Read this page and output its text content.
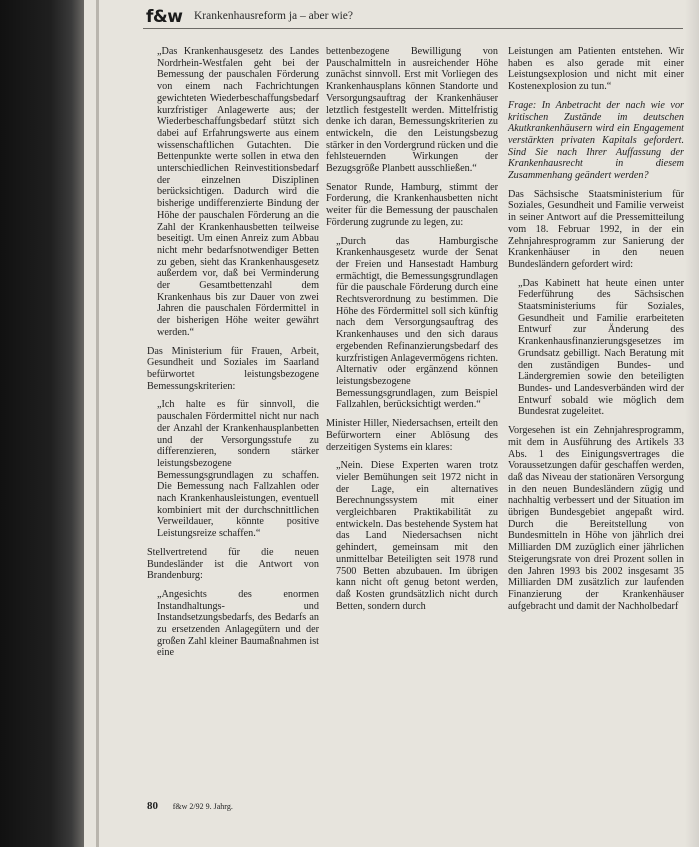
f&w Krankenhausreform ja – aber wie?

„Das Krankenhausgesetz des Landes Nordrhein-Westfalen geht bei der Bemessung der pauschalen Förderung von einem nach Fachrichtungen gewichteten Wiederbeschaffungsbedarf kurzfristiger Anlagewerte aus; der Wiederbeschaffungsbedarf stützt sich dabei auf Erfahrungswerte aus einem wissenschaftlichen Gutachten. Die Bettenpunkte werte sollen in etwa den unterschiedlichen Reinvestitionsbedarf der einzelnen Disziplinen berücksichtigen. Dadurch wird die bisherige undifferenzierte Bindung der Höhe der pauschalen Förderung an die Zahl der Krankenhausbetten teilweise beseitigt. Um einen Anreiz zum Abbau nicht mehr bedarfsnotwendiger Betten zu geben, sieht das Krankenhausgesetz außerdem vor, daß bei Verminderung der Gesamtbettenzahl dem Krankenhaus bis zur Dauer von zwei Jahren die pauschalen Fördermittel in der bisherigen Höhe weiter gewährt werden.“

Das Ministerium für Frauen, Arbeit, Gesundheit und Soziales im Saarland befürwortet leistungsbezogene Bemessungskriterien:

„Ich halte es für sinnvoll, die pauschalen Fördermittel nicht nur nach der Anzahl der Krankenhausplanbetten und der Versorgungsstufe zu differenzieren, sondern stärker leistungsbezogene Bemessungsgrundlagen zu schaffen. Die Bemessung nach Fallzahlen oder nach Krankenhausleistungen, eventuell kombiniert mit der durchschnittlichen Verweildauer, könnte positive Leistungsreize schaffen.“

Stellvertretend für die neuen Bundesländer ist die Antwort von Brandenburg:

„Angesichts des enormen Instandhaltungs- und Instandsetzungsbedarfs, des Bedarfs an zu ersetzenden Anlagegütern und der großen Zahl kleiner Baumaßnahmen ist eine

bettenbezogene Bewilligung von Pauschalmitteln in ausreichender Höhe zunächst sinnvoll. Erst mit Vorliegen des Krankenhausplans können Standorte und Versorgungsauftrag der Krankenhäuser letztlich festgestellt werden. Mittelfristig denke ich daran, Bemessungskriterien zu entwickeln, die den Leistungsbezug stärker in den Vordergrund rücken und die fehlsteuernden Wirkungen der Bezugsgröße Planbett ausschließen.“

Senator Runde, Hamburg, stimmt der Forderung, die Krankenhausbetten nicht weiter für die Bemessung der pauschalen Förderung zugrunde zu legen, zu:

„Durch das Hamburgische Krankenhausgesetz wurde der Senat der Freien und Hansestadt Hamburg ermächtigt, die Bemessungsgrundlagen für die pauschale Förderung durch eine Rechtsverordnung zu bestimmen. Die Höhe des Fördermittel soll sich künftig nach dem Versorgungsauftrag des Krankenhauses und den sich daraus ergebenden Refinanzierungsbedarf des kurzfristigen Anlagevermögens richten. Alternativ oder ergänzend können leistungsbezogene Bemessungsgrundlagen, zum Beispiel Fallzahlen, berücksichtigt werden.“

Minister Hiller, Niedersachsen, erteilt den Befürwortern einer Ablösung des derzeitigen Systems ein klares:

„Nein. Diese Experten waren trotz vieler Bemühungen seit 1972 nicht in der Lage, ein alternatives Berechnungssystem mit einer vergleichbaren Praktikabilität zu entwickeln. Das bestehende System hat das Land Niedersachsen nicht gehindert, gemeinsam mit den unmittelbar Beteiligten seit 1978 rund 7500 Betten abzubauen. Im übrigen kann nicht oft genug betont werden, daß Kosten grundsätzlich nicht durch Betten, sondern durch

Leistungen am Patienten entstehen. Wir haben es also gerade mit einer Leistungsexplosion und nicht mit einer Kostenexplosion zu tun.“

Frage: In Anbetracht der nach wie vor kritischen Zustände im deutschen Akutkrankenhäusern wird ein Engagement verstärkten privaten Kapitals gefordert. Sind Sie nach Ihrer Auffassung der Krankenhausrecht in diesem Zusammenhang geändert werden?

Das Sächsische Staatsministerium für Soziales, Gesundheit und Familie verweist in seiner Antwort auf die Pressemitteilung vom 18. Februar 1992, in der ein Zehnjahresprogramm zur Sanierung der Krankenhäuser in den neuen Bundesländern gefordert wird:

„Das Kabinett hat heute einen unter Federführung des Sächsischen Staatsministeriums für Soziales, Gesundheit und Familie erarbeiteten Entwurf zur Änderung des Krankenhausfinanzierungsgesetzes im Grundsatz gebilligt. Nach Beratung mit den zuständigen Bundes- und Ländergremien sowie den beteiligten Bundes- und Landesverbänden wird der Entwurf sobald wie möglich dem Bundesrat zugeleitet.

Vorgesehen ist ein Zehnjahresprogramm, mit dem in Ausführung des Artikels 33 Abs. 1 des Einigungsvertrages die Voraussetzungen dafür geschaffen werden, daß das Niveau der stationären Versorgung in den neuen Bundesländern zügig und nachhaltig verbessert und der Situation im übrigen Bundesgebiet angepaßt wird. Durch die Bereitstellung von Bundesmitteln in Höhe von jährlich drei Milliarden DM zuzüglich einer jährlichen Steigerungsrate von drei Prozent sollen in den Jahren 1993 bis 2002 insgesamt 35 Milliarden DM zusätzlich zur laufenden Finanzierung der Krankenhäuser aufgebracht und damit der Nachholbedarf

80 f&w 2/92 9. Jahrg.
